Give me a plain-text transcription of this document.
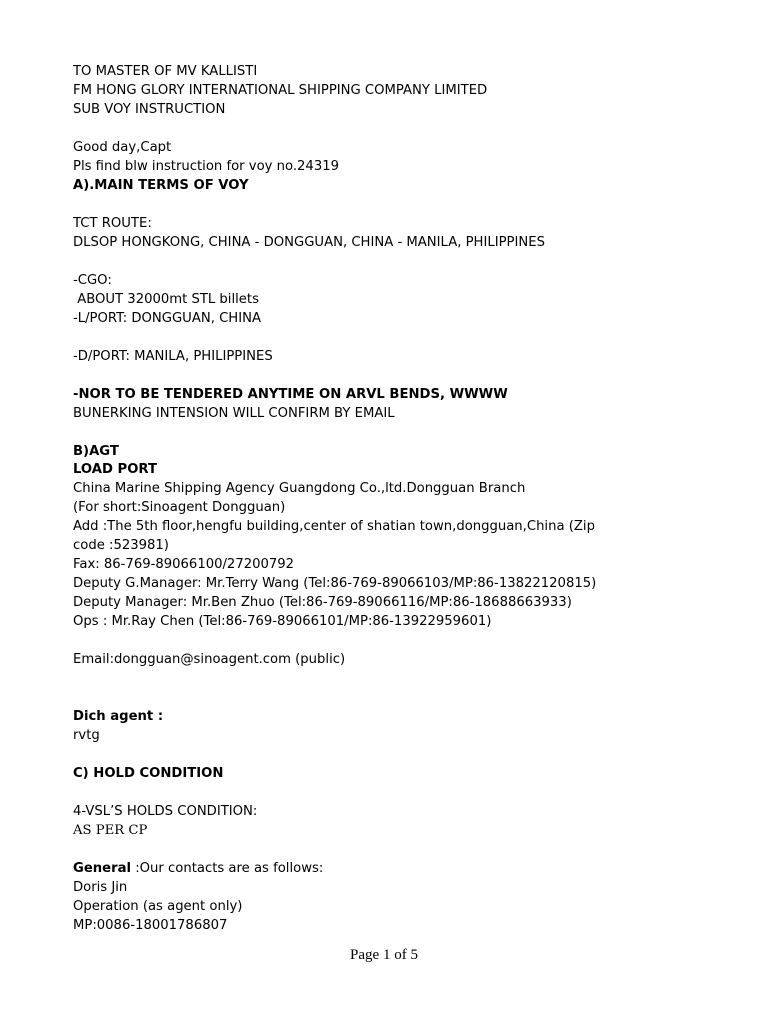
TO MASTER OF MV KALLISTI
FM HONG GLORY INTERNATIONAL SHIPPING COMPANY LIMITED
SUB VOY INSTRUCTION
Good day,Capt
Pls find blw instruction for voy no.24319
A).MAIN TERMS OF VOY
TCT ROUTE:
DLSOP HONGKONG, CHINA - DONGGUAN, CHINA - MANILA, PHILIPPINES
-CGO:
ABOUT 32000mt STL billets
-L/PORT: DONGGUAN, CHINA
-D/PORT: MANILA, PHILIPPINES
-NOR TO BE TENDERED ANYTIME ON ARVL BENDS, WWWW
BUNERKING INTENSION WILL CONFIRM BY EMAIL
B)AGT
LOAD PORT
China Marine Shipping Agency Guangdong Co.,ltd.Dongguan Branch
(For short:Sinoagent Dongguan)
Add :The 5th floor,hengfu building,center of shatian town,dongguan,China (Zip
code :523981)
Fax: 86-769-89066100/27200792
Deputy G.Manager: Mr.Terry Wang (Tel:86-769-89066103/MP:86-13822120815)
Deputy Manager: Mr.Ben Zhuo (Tel:86-769-89066116/MP:86-18688663933)
Ops : Mr.Ray Chen (Tel:86-769-89066101/MP:86-13922959601)
Email:dongguan@sinoagent.com (public)
Dich agent :
rvtg
C) HOLD CONDITION
4-VSL’S HOLDS CONDITION:
AS PER CP
General :Our contacts are as follows:
Doris Jin
Operation (as agent only)
MP:0086-18001786807
Page 1 of 5
